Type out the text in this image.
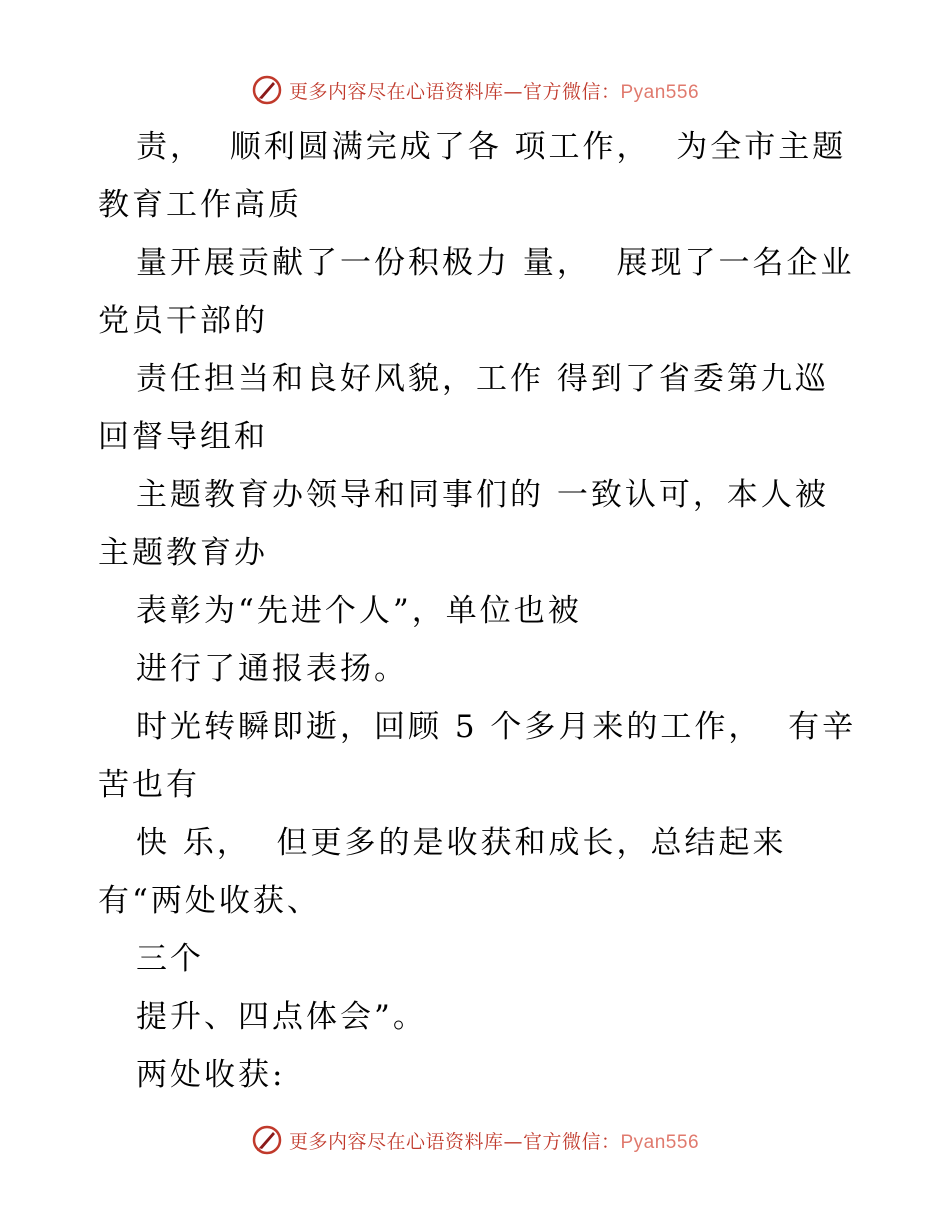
更多内容尽在心语资料库—官方微信：Pyan556
责，  顺利圆满完成了各 项工作，  为全市主题
教育工作高质
量开展贡献了一份积极力 量，  展现了一名企业
党员干部的
责任担当和良好风貌，工作 得到了省委第九巡
回督导组和
主题教育办领导和同事们的 一致认可，本人被
主题教育办
表彰为“先进个人”，单位也被
进行了通报表扬。
时光转瞬即逝，回顾 5 个多月来的工作，  有辛
苦也有
快 乐，  但更多的是收获和成长，总结起来
有“两处收获、
三个
提升、四点体会”。
两处收获:
更多内容尽在心语资料库—官方微信：Pyan556
